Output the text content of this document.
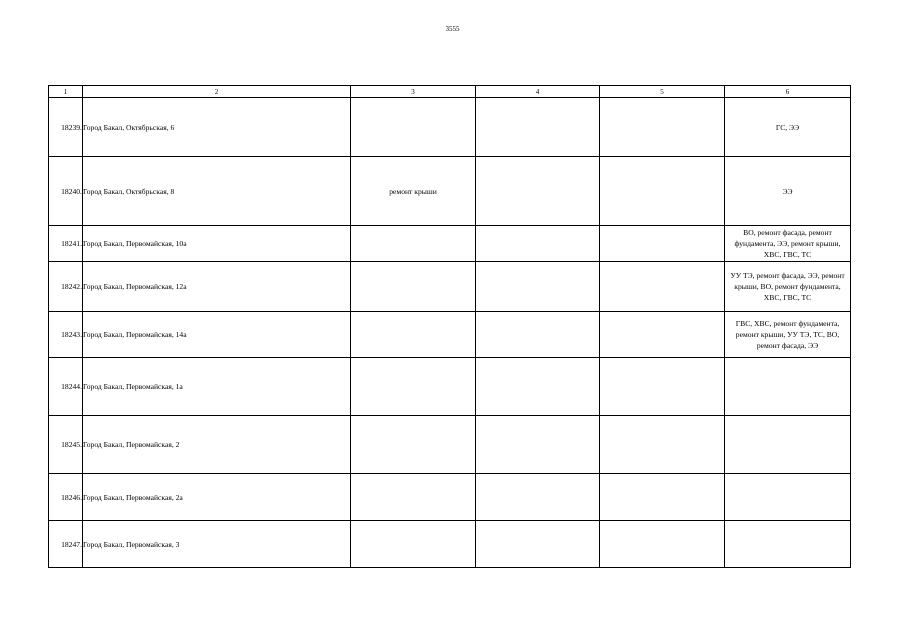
3555
1	2	3	4	5	6
18239.	Город Бакал, Октябрьская, 6				ГС, ЭЭ

18240.	Город Бакал, Октябрьская, 8	ремонт крыши			ЭЭ

18241.	Город Бакал, Первомайская, 10а				ВО, ремонт фасада, ремонт фундамента, ЭЭ, ремонт крыши, ХВС, ГВС, ТС

18242.	Город Бакал, Первомайская, 12а				УУ ТЭ, ремонт фасада, ЭЭ, ремонт крыши, ВО, ремонт фундамента, ХВС, ГВС, ТС

18243.	Город Бакал, Первомайская, 14а				ГВС, ХВС, ремонт фундамента, ремонт крыши, УУ ТЭ, ТС, ВО, ремонт фасада, ЭЭ

18244.	Город Бакал, Первомайская, 1а				

18245.	Город Бакал, Первомайская, 2				

18246.	Город Бакал, Первомайская, 2а				

18247.	Город Бакал, Первомайская, 3				
